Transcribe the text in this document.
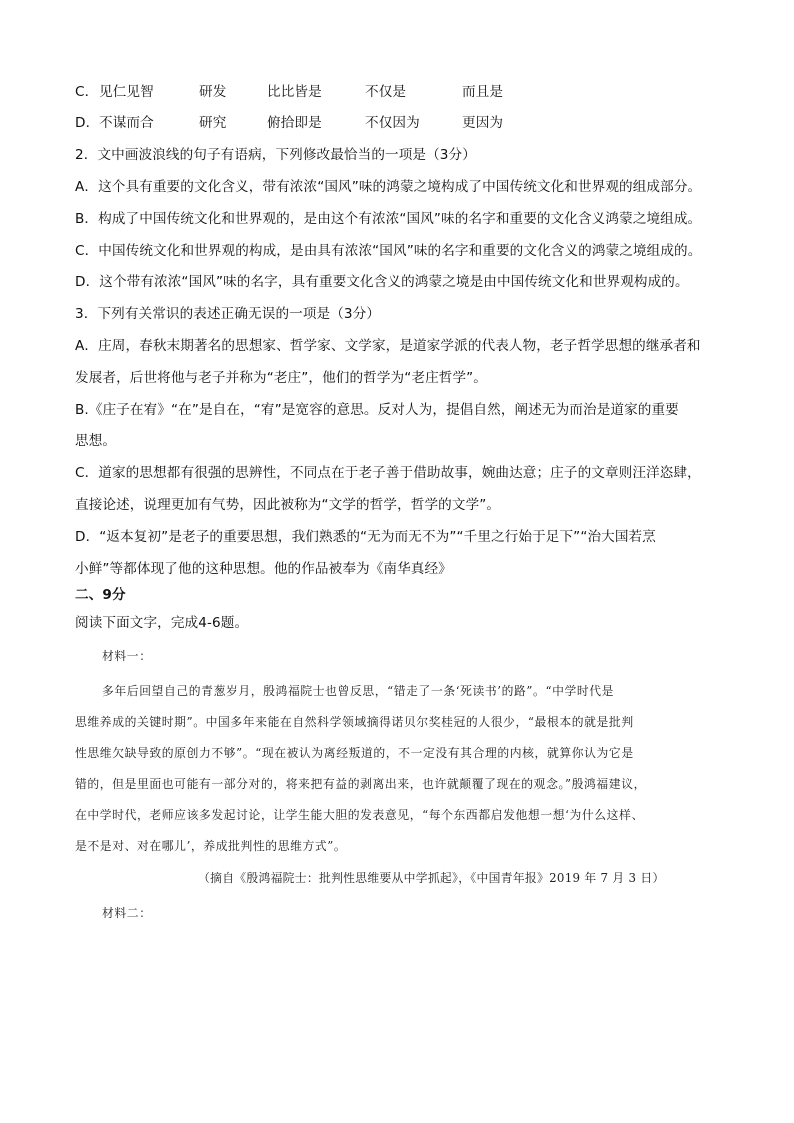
C． 见仁见智	研发	比比皆是	不仅是	而且是
D． 不谋而合	研究	俯拾即是	不仅因为	更因为
2．文中画波浪线的句子有语病，下列修改最恰当的一项是（3分）
A．这个具有重要的文化含义，带有浓浓“国风”味的鸿蒙之境构成了中国传统文化和世界观的组成部分。
B．构成了中国传统文化和世界观的，是由这个有浓浓“国风”味的名字和重要的文化含义鸿蒙之境组成。
C．中国传统文化和世界观的构成，是由具有浓浓“国风”味的名字和重要的文化含义的鸿蒙之境组成的。
D．这个带有浓浓“国风”味的名字，具有重要文化含义的鸿蒙之境是由中国传统文化和世界观构成的。
3．下列有关常识的表述正确无误的一项是（3分）
A．庄周，春秋末期著名的思想家、哲学家、文学家，是道家学派的代表人物，老子哲学思想的继承者和
发展者，后世将他与老子并称为“老庄”，他们的哲学为“老庄哲学”。
B.《庄子在宥》“在”是自在，“宥”是宽容的意思。反对人为，提倡自然，阐述无为而治是道家的重要
思想。
C．道家的思想都有很强的思辨性，不同点在于老子善于借助故事，婉曲达意；庄子的文章则汪洋恣肆，
直接论述，说理更加有气势，因此被称为“文学的哲学，哲学的文学”。
D．“返本复初”是老子的重要思想，我们熟悉的“无为而无不为”“千里之行始于足下”“治大国若烹
小鲜”等都体现了他的这种思想。他的作品被奉为《南华真经》
二、9分
阅读下面文字，完成4-6题。
材料一：
多年后回望自己的青葱岁月，殷鸿福院士也曾反思，“错走了一条‘死读书’的路”。“中学时代是
思维养成的关键时期”。中国多年来能在自然科学领域摘得诺贝尔奖桂冠的人很少，“最根本的就是批判
性思维欠缺导致的原创力不够”。“现在被认为离经叛道的，不一定没有其合理的内核，就算你认为它是
错的，但是里面也可能有一部分对的，将来把有益的剥离出来，也许就颠覆了现在的观念。”殷鸿福建议，
在中学时代，老师应该多发起讨论，让学生能大胆的发表意见，“每个东西都启发他想一想‘为什么这样、
是不是对、对在哪儿’，养成批判性的思维方式”。
（摘自《殷鸿福院士：批判性思维要从中学抓起》，《中国青年报》2019 年 7 月 3 日）
材料二：
